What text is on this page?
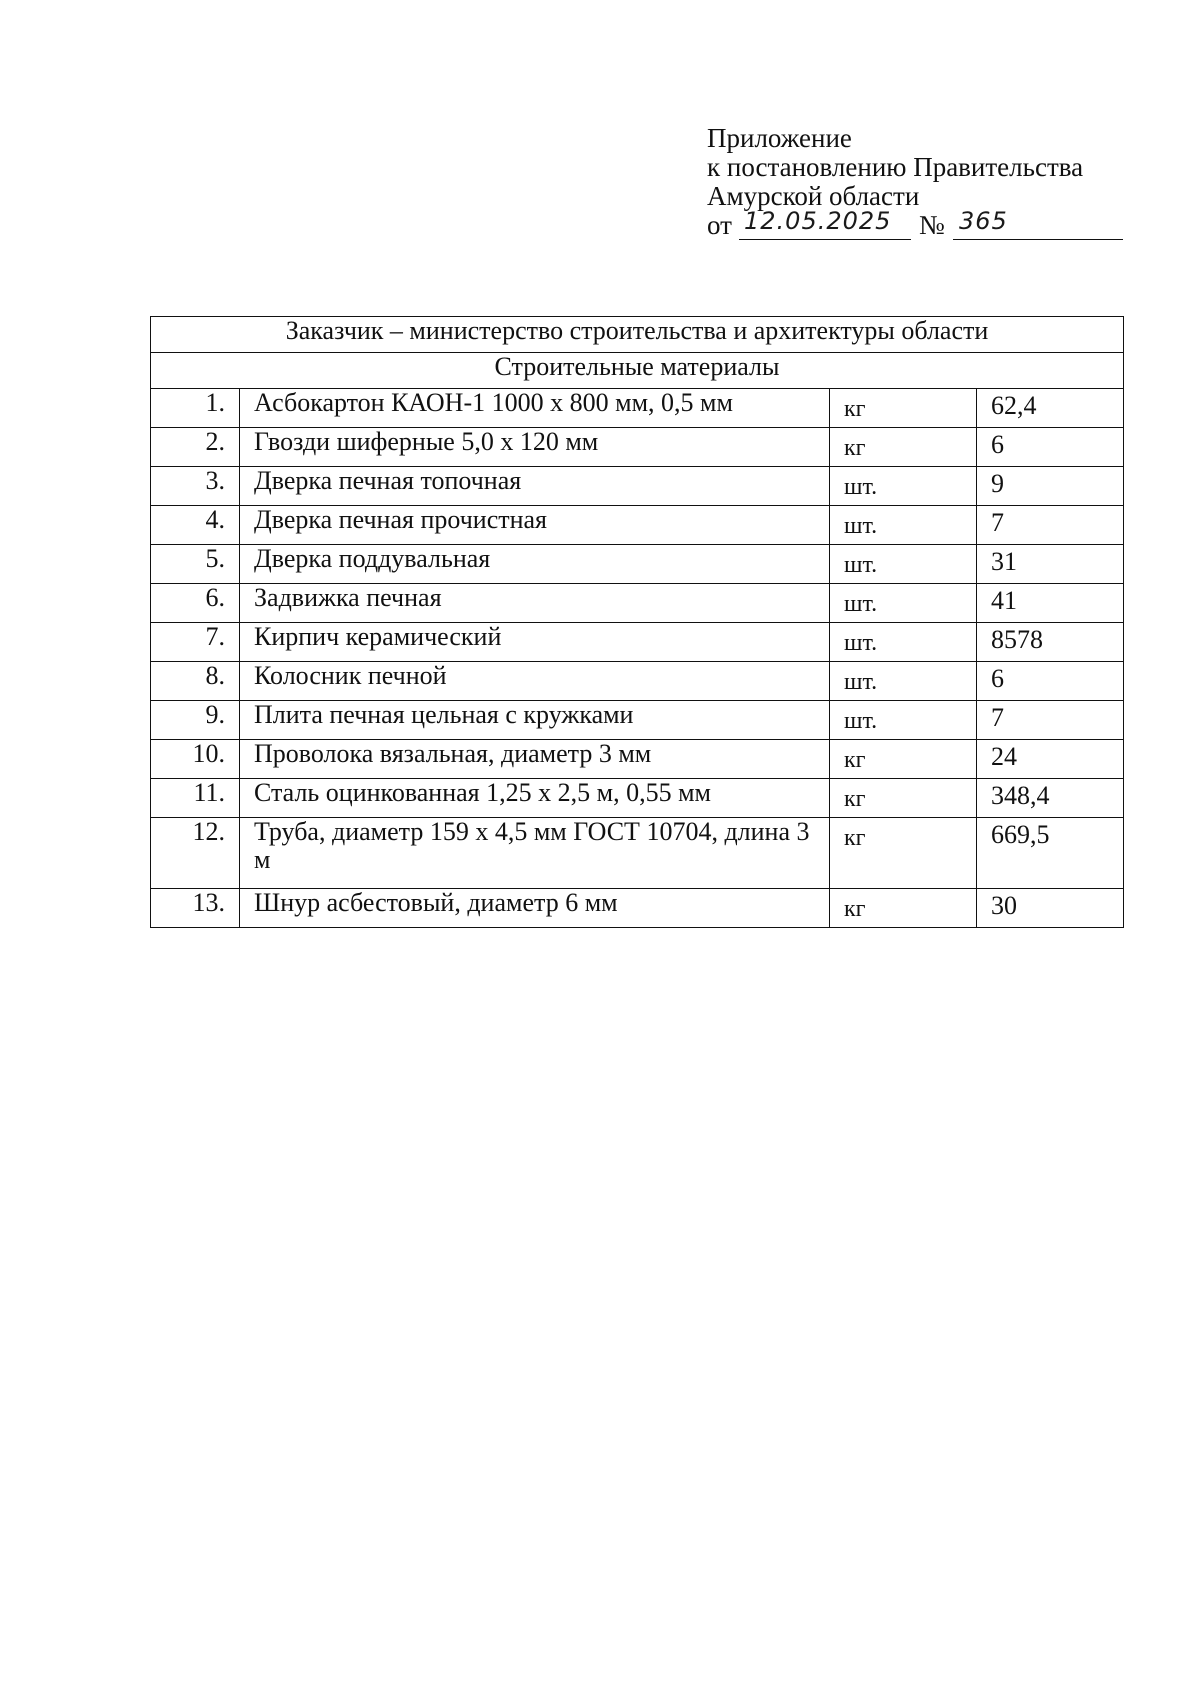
Приложение
к постановлению Правительства
Амурской области
от 12.05.2025 № 365
Заказчик – министерство строительства и архитектуры области			
Строительные материалы			
1.	Асбокартон КАОН-1 1000 х 800 мм, 0,5 мм	кг	62,4
2.	Гвозди шиферные 5,0 х 120 мм	кг	6
3.	Дверка печная топочная	шт.	9
4.	Дверка печная прочистная	шт.	7
5.	Дверка поддувальная	шт.	31
6.	Задвижка печная	шт.	41
7.	Кирпич керамический	шт.	8578
8.	Колосник печной	шт.	6
9.	Плита печная цельная с кружками	шт.	7
10.	Проволока вязальная, диаметр 3 мм	кг	24
11.	Сталь оцинкованная 1,25 х 2,5 м, 0,55 мм	кг	348,4
12.	Труба, диаметр 159 х 4,5 мм ГОСТ 10704, длина 3 м	кг	669,5
13.	Шнур асбестовый, диаметр 6 мм	кг	30
